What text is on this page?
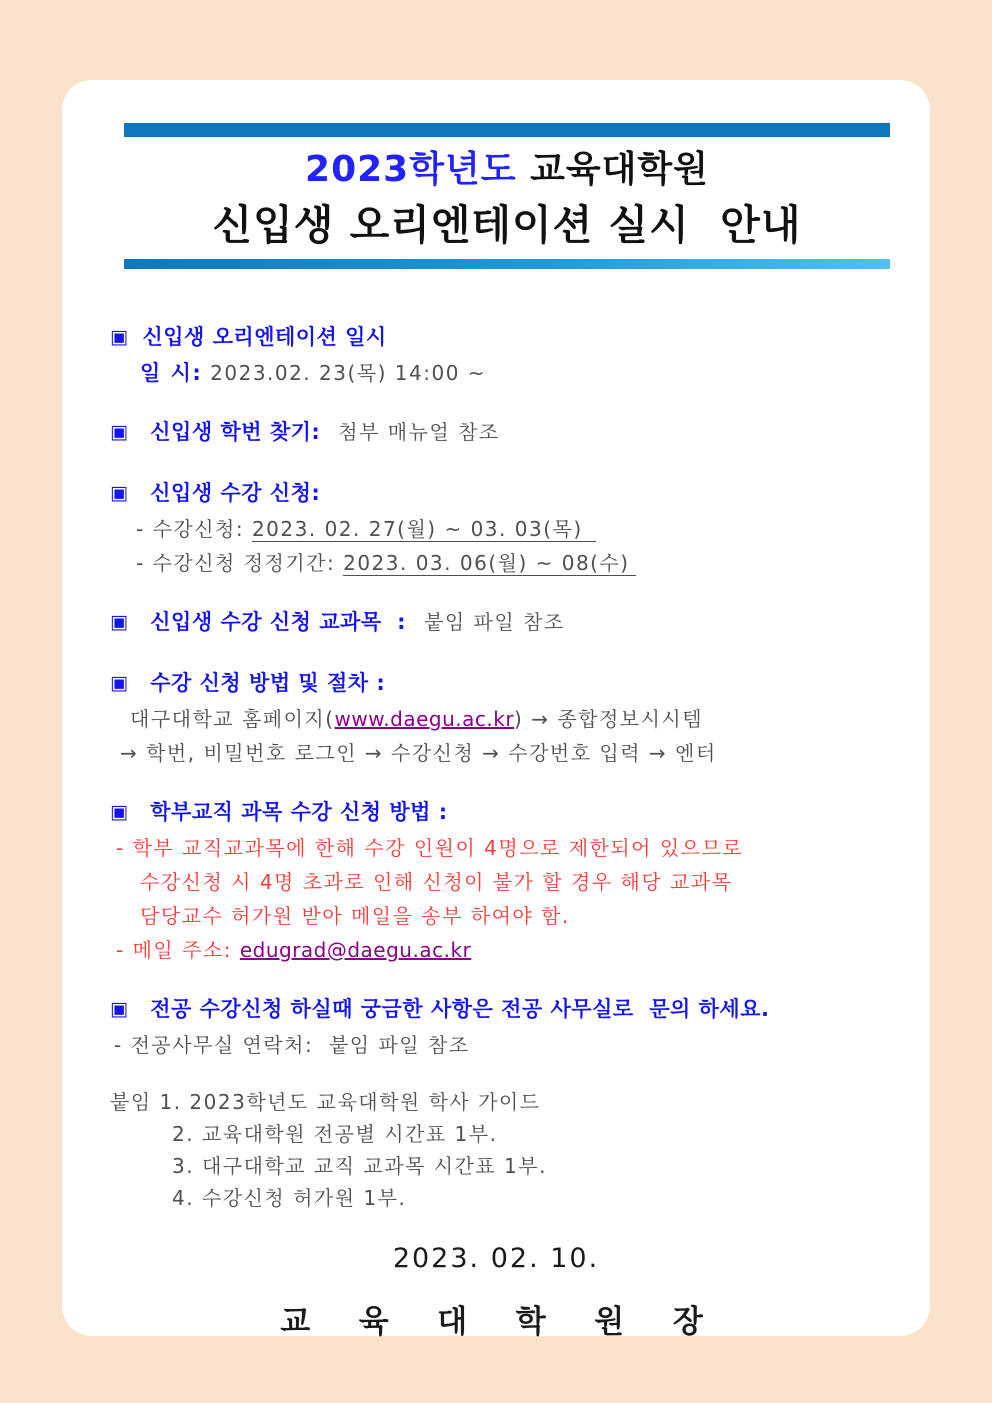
2023학년도 교육대학원
신입생 오리엔테이션 실시  안내
▣ 신입생 오리엔테이션 일시
일 시: 2023.02. 23(목) 14:00 ~
▣ 신입생 학번 찾기: 첨부 매뉴얼 참조
▣ 신입생 수강 신청:
- 수강신청: 2023. 02. 27(월) ~ 03. 03(목)
- 수강신청 정정기간: 2023. 03. 06(월) ~ 08(수)
▣ 신입생 수강 신청 교과목  : 붙임 파일 참조
▣ 수강 신청 방법 및 절차 :
대구대학교 홈페이지(www.daegu.ac.kr) → 종합정보시시템
→ 학번, 비밀번호 로그인 → 수강신청 → 수강번호 입력 → 엔터
▣ 학부교직 과목 수강 신청 방법 :
- 학부 교직교과목에 한해 수강 인원이 4명으로 제한되어 있으므로
수강신청 시 4명 초과로 인해 신청이 불가 할 경우 해당 교과목
담당교수 허가원 받아 메일을 송부 하여야 함.
- 메일 주소: edugrad@daegu.ac.kr
▣ 전공 수강신청 하실때 궁금한 사항은 전공 사무실로  문의 하세요.
- 전공사무실 연락처:  붙임 파일 참조
붙임 1. 2023학년도 교육대학원 학사 가이드
2. 교육대학원 전공별 시간표 1부.
3. 대구대학교 교직 교과목 시간표 1부.
4. 수강신청 허가원 1부.
2023. 02. 10.
교  육  대  학  원  장
